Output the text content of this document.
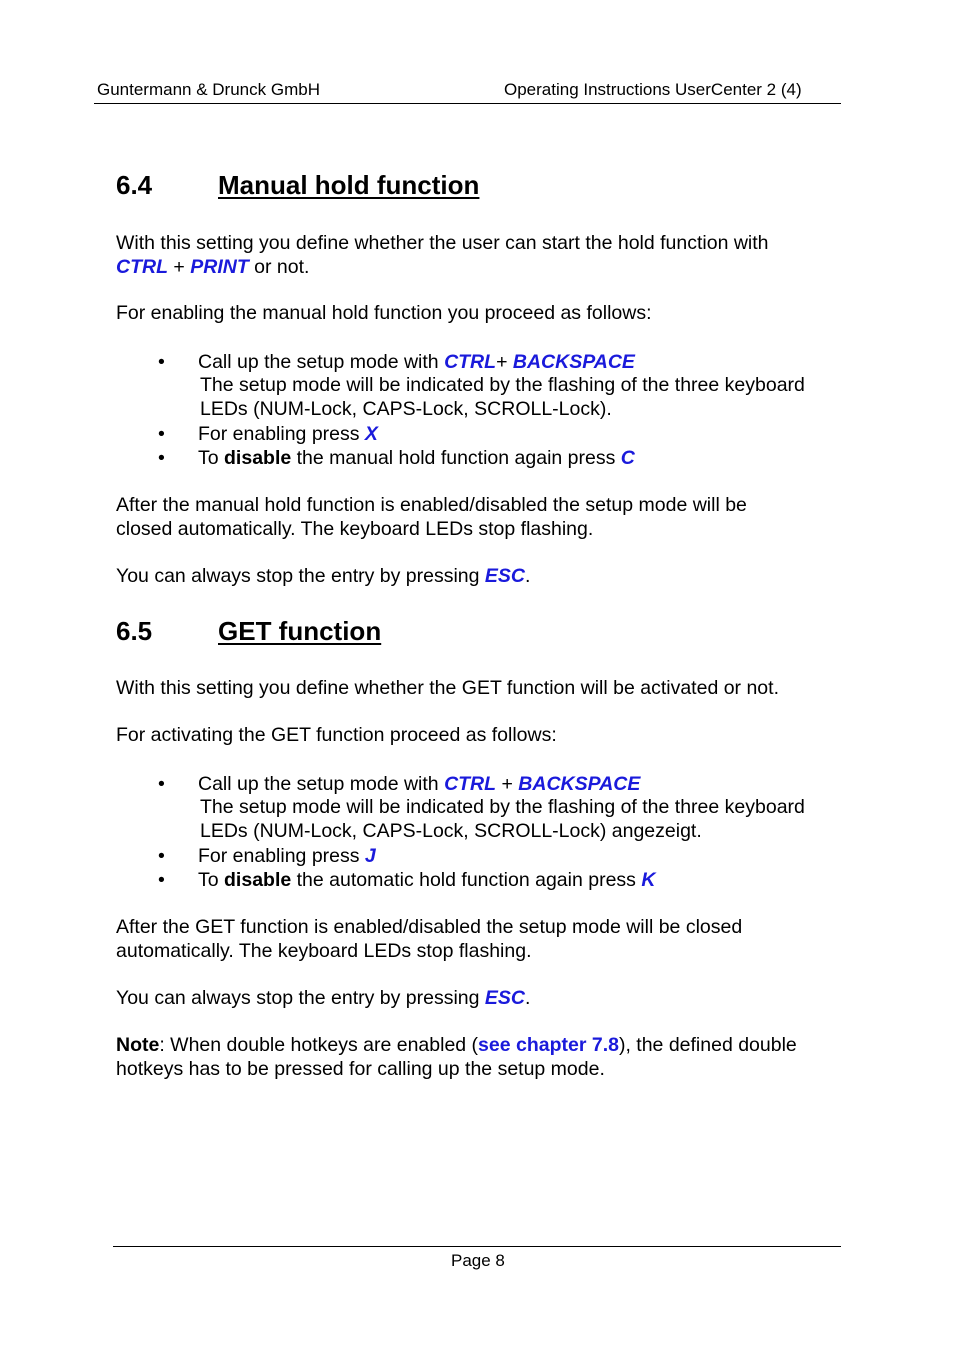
Guntermann & Drunck GmbH	Operating Instructions UserCenter 2 (4)
6.4	Manual hold function
With this setting you define whether the user can start the hold function with
CTRL + PRINT or not.
For enabling the manual hold function you proceed as follows:
• Call up the setup mode with CTRL+ BACKSPACE
The setup mode will be indicated by the flashing of the three keyboard
LEDs (NUM-Lock, CAPS-Lock, SCROLL-Lock).
• For enabling press X
• To disable the manual hold function again press C
After the manual hold function is enabled/disabled the setup mode will be
closed automatically. The keyboard LEDs stop flashing.
You can always stop the entry by pressing ESC.
6.5	GET function
With this setting you define whether the GET function will be activated or not.
For activating the GET function proceed as follows:
• Call up the setup mode with CTRL + BACKSPACE
The setup mode will be indicated by the flashing of the three keyboard
LEDs (NUM-Lock, CAPS-Lock, SCROLL-Lock) angezeigt.
• For enabling press J
• To disable the automatic hold function again press K
After the GET function is enabled/disabled the setup mode will be closed
automatically. The keyboard LEDs stop flashing.
You can always stop the entry by pressing ESC.
Note: When double hotkeys are enabled (see chapter 7.8), the defined double
hotkeys has to be pressed for calling up the setup mode.
Page 8
